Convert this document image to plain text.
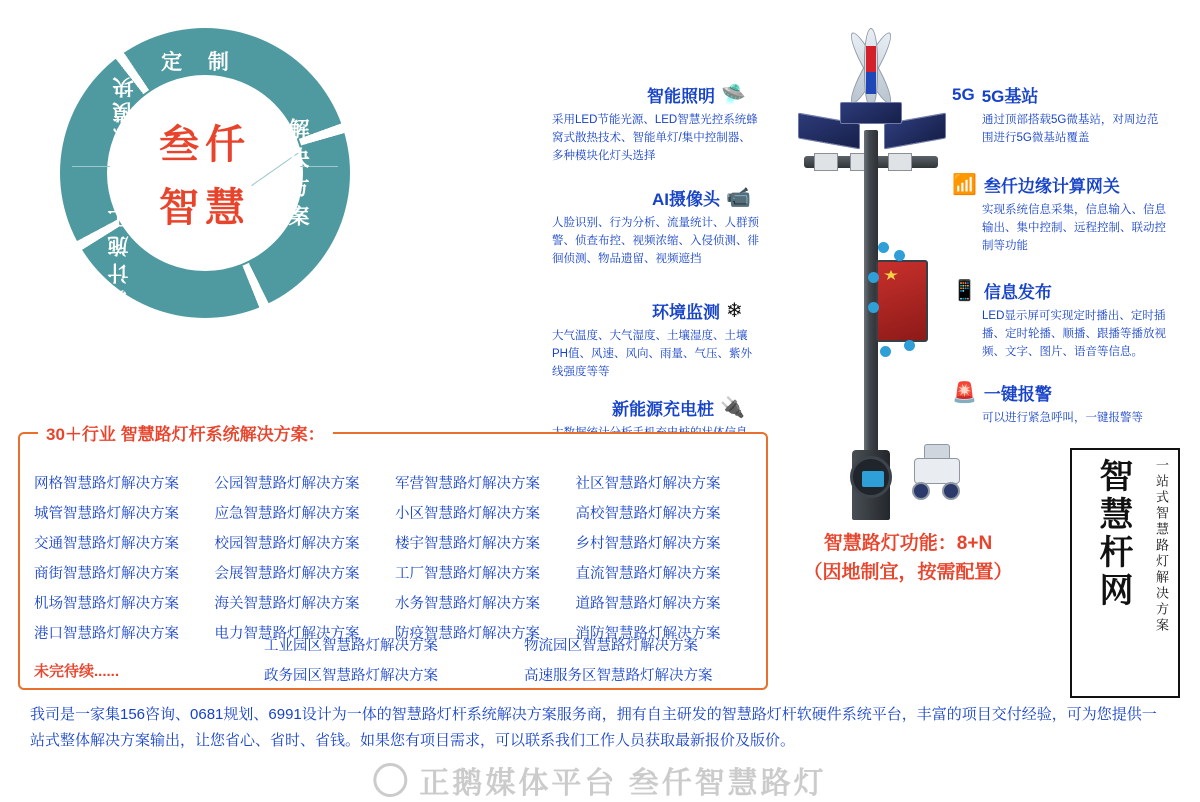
叁仟
智慧
定 制
解决方案
体
设计施工
智慧模块	智能照明 🛸
采用LED节能光源、LED智慧光控系统蜂窝式散热技术、智能单灯/集中控制器、多种模块化灯头选择
AI摄像头 📹
人脸识别、行为分析、流量统计、人群预警、侦查布控、视频浓缩、入侵侦测、徘徊侦测、物品遗留、视频遮挡
环境监测 ❄
大气温度、大气湿度、土壤湿度、土壤PH值、风速、风向、雨量、气压、紫外线强度等等
新能源充电桩 🔌
5G 5G基站
通过顶部搭载5G微基站，对周边范围进行5G微基站覆盖
📶 叁仟边缘计算网关
实现系统信息采集，信息输入、信息输出、集中控制、远程控制、联动控制等功能
📱 信息发布
LED显示屏可实现定时播出、定时插播、定时轮播、顺播、跟播等播放视频、文字、图片、语音等信息。
🚨 一键报警
可以进行紧急呼叫，一键报警等
智慧路灯功能：8+N
（因地制宜，按需配置）	智慧杆网	一站式智慧路灯解决方案
30＋行业 智慧路灯杆系统解决方案：
网格智慧路灯解决方案	公园智慧路灯解决方案	军营智慧路灯解决方案	社区智慧路灯解决方案
城管智慧路灯解决方案	应急智慧路灯解决方案	小区智慧路灯解决方案	高校智慧路灯解决方案
交通智慧路灯解决方案	校园智慧路灯解决方案	楼宇智慧路灯解决方案	乡村智慧路灯解决方案
商街智慧路灯解决方案	会展智慧路灯解决方案	工厂智慧路灯解决方案	直流智慧路灯解决方案
机场智慧路灯解决方案	海关智慧路灯解决方案	水务智慧路灯解决方案	道路智慧路灯解决方案
港口智慧路灯解决方案	电力智慧路灯解决方案	防疫智慧路灯解决方案	消防智慧路灯解决方案
工业园区智慧路灯解决方案	物流园区智慧路灯解决方案
未完待续......	政务园区智慧路灯解决方案	高速服务区智慧路灯解决方案
我司是一家集156咨询、0681规划、6991设计为一体的智慧路灯杆系统解决方案服务商，拥有自主研发的智慧路灯杆软硬件系统平台，丰富的项目交付经验，可为您提供一站式整体解决方案输出，让您省心、省时、省钱。如果您有项目需求，可以联系我们工作人员获取最新报价及版价。
正鹅媒体平台 叁仟智慧路灯
